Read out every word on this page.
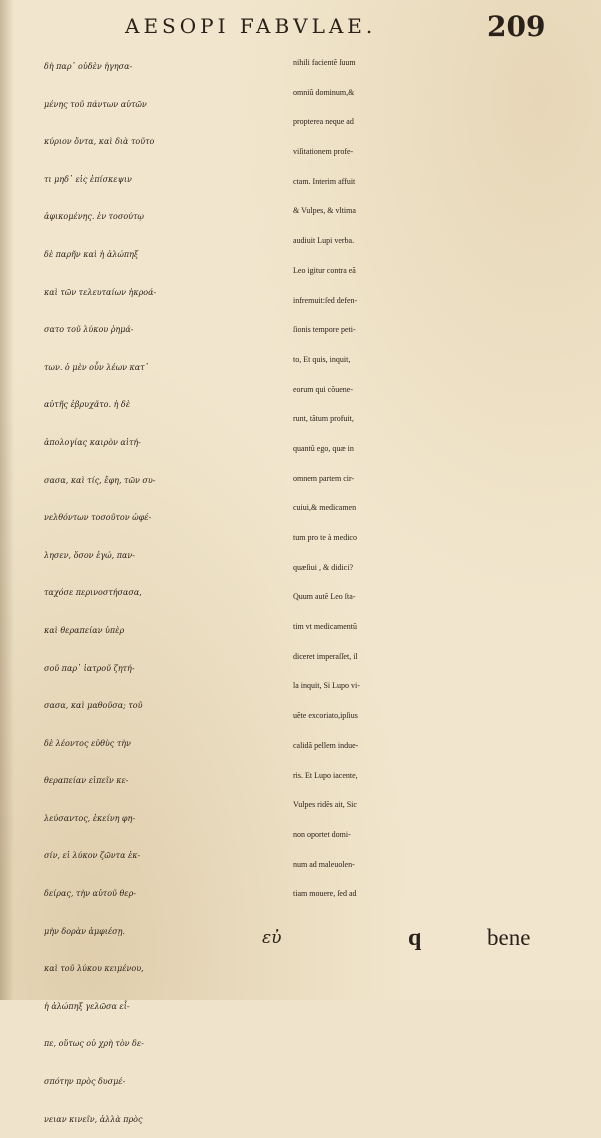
AESOPI FABVLAE.	209
δὴ παρ᾽ οὐδὲν ἡγησα-
μένης τοῦ πάντων αὐτῶν
κύριον ὄντα, καὶ διὰ τοῦτο
τι μηδ᾽ εἰς ἐπίσκεψιν
ἀφικομένης. ἐν τοσούτῳ
δὲ παρῆν καὶ ἡ ἀλώπηξ
καὶ τῶν τελευταίων ἠκροά-
σατο τοῦ λύκου ῥημά-
των. ὁ μὲν οὖν λέων κατ᾽
αὐτῆς ἐβρυχᾶτο. ἡ δὲ
ἀπολογίας καιρὸν αἰτή-
σασα, καὶ τίς, ἔφη, τῶν συ-
νελθόντων τοσοῦτον ὠφέ-
λησεν, ὅσον ἐγώ, παν-
ταχόσε περινοστήσασα,
καὶ θεραπείαν ὑπὲρ
σοῦ παρ᾽ ἰατροῦ ζητή-
σασα, καὶ μαθοῦσα; τοῦ
δὲ λέοντος εὐθὺς τὴν
θεραπείαν εἰπεῖν κε-
λεύσαντος, ἐκείνη φη-
σίν, εἰ λύκον ζῶντα ἐκ-
δείρας, τὴν αὐτοῦ θερ-
μὴν δορὰν ἀμφιέσῃ.
καὶ τοῦ λύκου κειμένου,
ἡ ἀλώπηξ γελῶσα εἶ-
πε, οὕτως οὐ χρὴ τὸν δε-
σπότην πρὸς δυσμέ-
νειαν κινεῖν, ἀλλὰ πρὸς
nihili facientẽ ſuum
omniũ dominum,&
propterea neque ad
viſitationem profe-
ctam. Interim affuit
& Vulpes, & vltima
audiuit Lupi verba.
Leo igitur contra eã
infremuit:ſed defen-
ſionis tempore peti-
to, Et quis, inquit,
eorum qui cõuene-
runt, tãtum profuit,
quantũ ego, quæ in
omnem partem cir-
cuiui,& medicamen
tum pro te à medico
quæſiui , & didici?
Quum autẽ Leo ſta-
tim vt medicamentũ
diceret imperaſſet, il
la inquit, Si Lupo vi-
uẽte excoriato,ipſius
calidã pellem indue-
ris. Et Lupo iacente,
Vulpes ridẽs ait, Sic
non oportet domi-
num ad maleuolen-
tiam mouere, ſed ad
εὐ	q	bene
